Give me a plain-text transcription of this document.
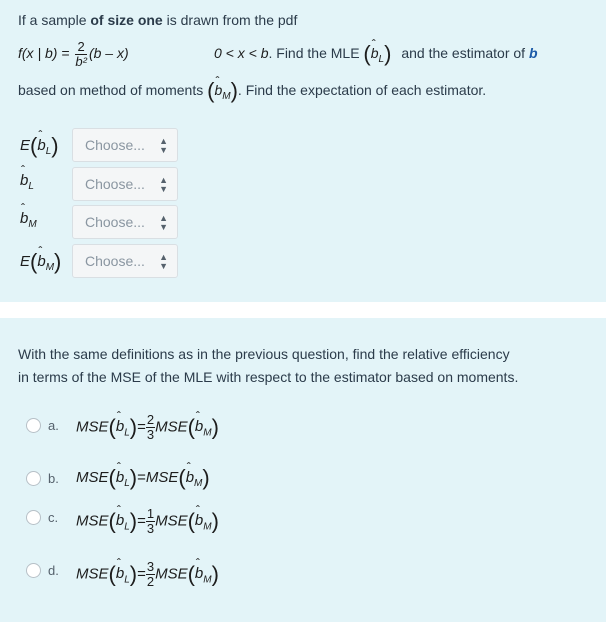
If a sample of size one is drawn from the pdf
f(x | $b) = \frac{2}{\text{b²}} (b - x)$	0 < x < b. Find the MLE (ˆ $b_L$) and the estimator of b
based on method of moments (ˆ $b_M$). Find the expectation of each estimator.
E(ˆ $b_L$)	Choose... ▲
▼
ˆ $b_L$	Choose... ▲
▼
ˆ $b_M$	Choose... ▲
▼
E(ˆ $b_M$)	Choose... ▲
▼
With the same definitions as in the previous question, find the relative efficiency
in terms of the MSE of the MLE with respect to the estimator based on moments.
a. MSE(ˆ $b_L)= \frac{2}{3}$ MSE(ˆ $b_M$)
b. MSE(ˆ $b_L)=MSE(ˆ$ $b_M$)
c. MSE(ˆ $b_L)= \frac{1}{3}$ MSE(ˆ $b_M$)
d. MSE(ˆ $b_L)= \frac{3}{2}$ MSE(ˆ $b_M$)
